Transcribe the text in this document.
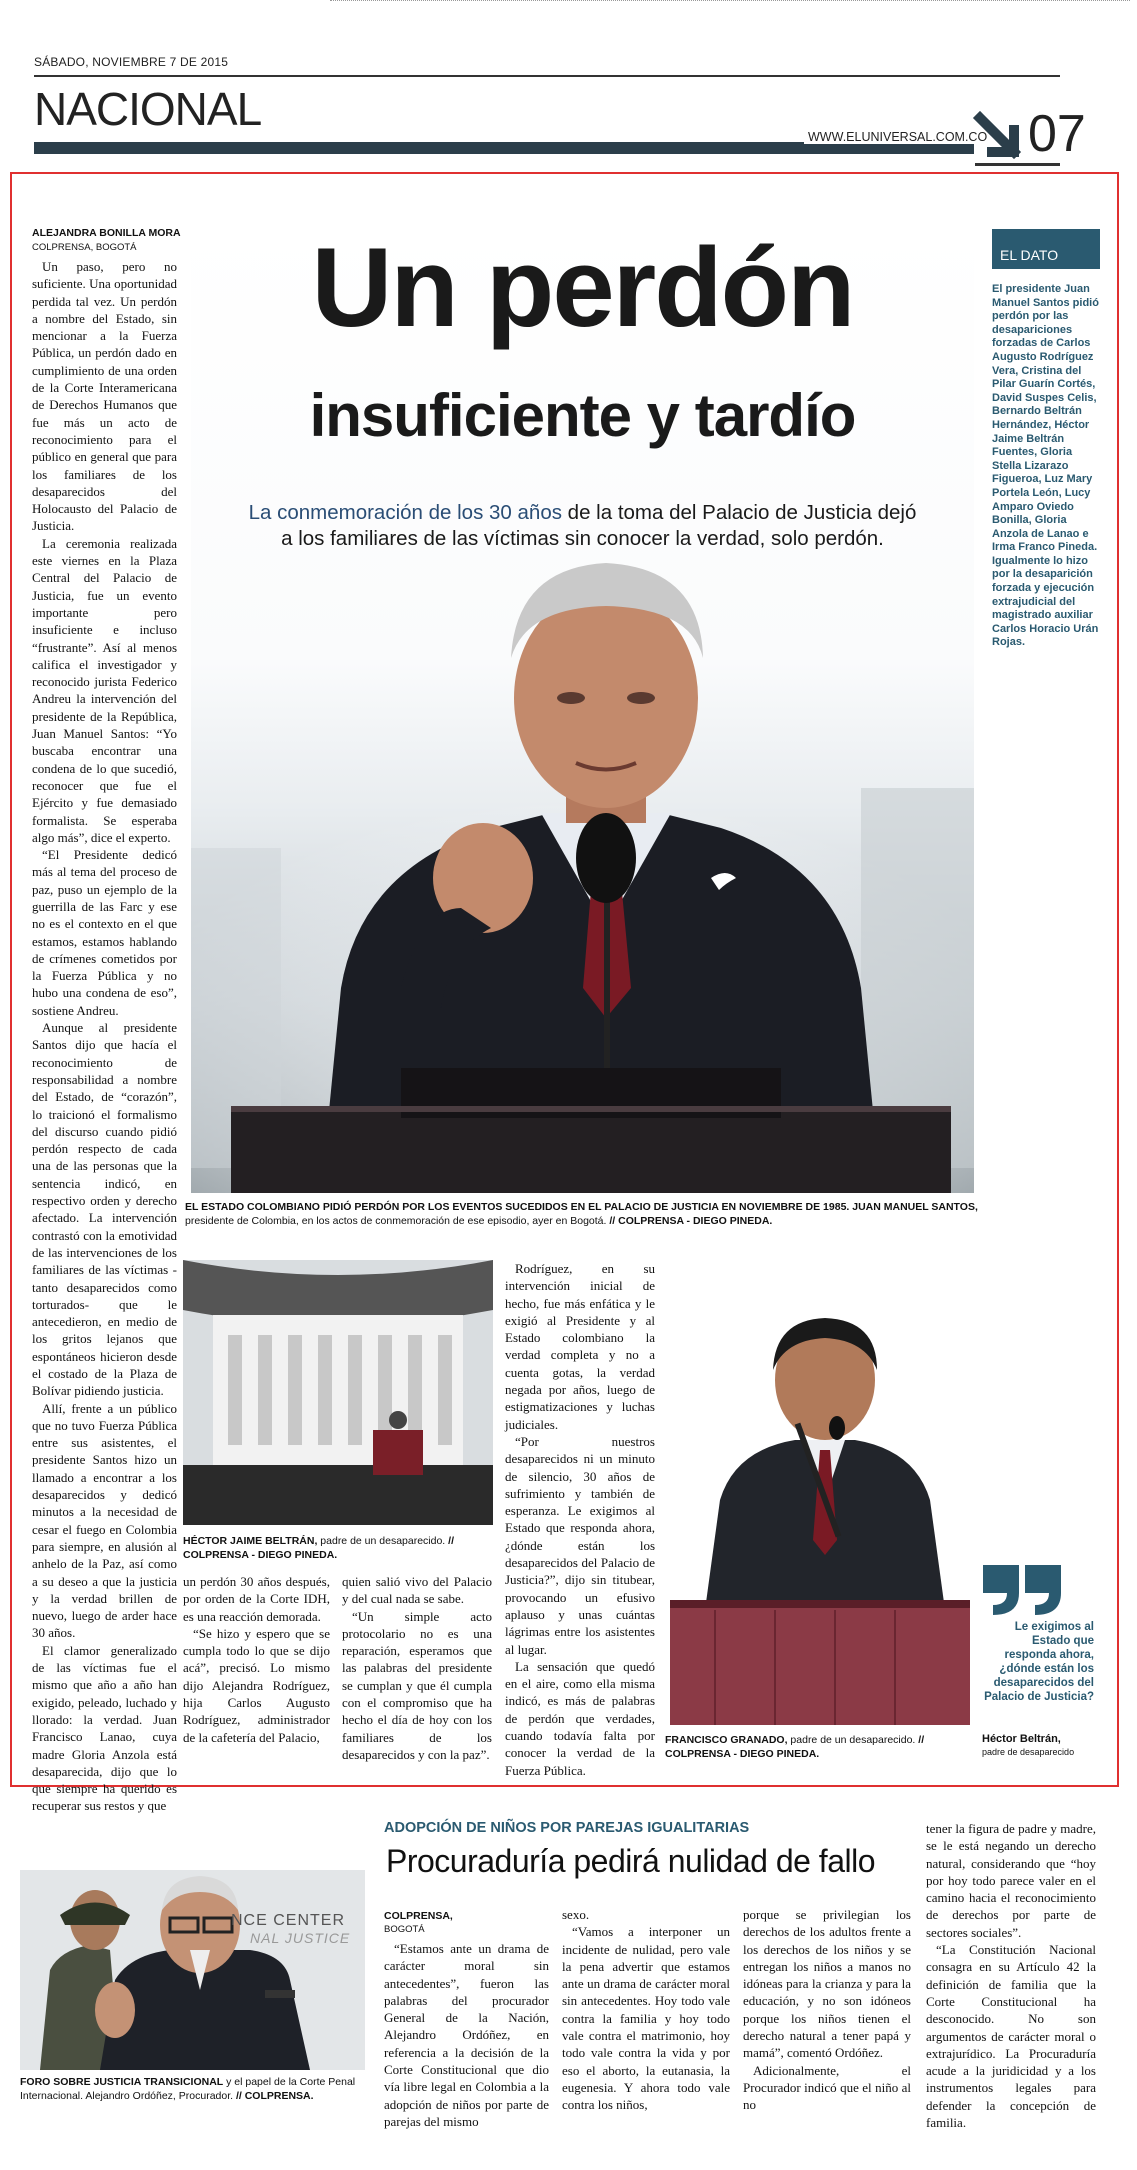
SÁBADO, NOVIEMBRE 7 DE 2015
NACIONAL
WWW.ELUNIVERSAL.COM.CO 07
Un perdón
insuficiente y tardío
La conmemoración de los 30 años de la toma del Palacio de Justicia dejó
a los familiares de las víctimas sin conocer la verdad, solo perdón.
EL ESTADO COLOMBIANO PIDIÓ PERDÓN POR LOS EVENTOS SUCEDIDOS EN EL PALACIO DE JUSTICIA EN NOVIEMBRE DE 1985. JUAN MANUEL SANTOS,
presidente de Colombia, en los actos de conmemoración de ese episodio, ayer en Bogotá. // COLPRENSA - DIEGO PINEDA.
ALEJANDRA BONILLA MORA
COLPRENSA, BOGOTÁ

Un paso, pero no suficiente. Una oportunidad perdida tal vez. Un perdón a nombre del Estado, sin mencionar a la Fuerza Pública, un perdón dado en cumplimiento de una orden de la Corte Interamericana de Derechos Humanos que fue más un acto de reconocimiento para el público en general que para los familiares de los desaparecidos del Holocausto del Palacio de Justicia.

La ceremonia realizada este viernes en la Plaza Central del Palacio de Justicia, fue un evento importante pero insuficiente e incluso “frustrante”. Así al menos califica el investigador y reconocido jurista Federico Andreu la intervención del presidente de la República, Juan Manuel Santos: “Yo buscaba encontrar una condena de lo que sucedió, reconocer que fue el Ejército y fue demasiado formalista. Se esperaba algo más”, dice el experto.

“El Presidente dedicó más al tema del proceso de paz, puso un ejemplo de la guerrilla de las Farc y ese no es el contexto en el que estamos, estamos hablando de crímenes cometidos por la Fuerza Pública y no hubo una condena de eso”, sostiene Andreu.

Aunque al presidente Santos dijo que hacía el reconocimiento de responsabilidad a nombre del Estado, de “corazón”, lo traicionó el formalismo del discurso cuando pidió perdón respecto de cada una de las personas que la sentencia indicó, en respectivo orden y derecho afectado. La intervención contrastó con la emotividad de las intervenciones de los familiares de las víctimas -tanto desaparecidos como torturados- que le antecedieron, en medio de los gritos lejanos que espontáneos hicieron desde el costado de la Plaza de Bolívar pidiendo justicia.

Allí, frente a un público que no tuvo Fuerza Pública entre sus asistentes, el presidente Santos hizo un llamado a encontrar a los desaparecidos y dedicó minutos a la necesidad de cesar el fuego en Colombia para siempre, en alusión al anhelo de la Paz, así como a su deseo a que la justicia y la verdad brillen de nuevo, luego de arder hace 30 años.

El clamor generalizado de las víctimas fue el mismo que año a año han exigido, peleado, luchado y llorado: la verdad. Juan Francisco Lanao, cuya madre Gloria Anzola está desaparecida, dijo que lo que siempre ha querido es recuperar sus restos y que

EL DATO
El presidente Juan Manuel Santos pidió perdón por las desapariciones forzadas de Carlos Augusto Rodríguez Vera, Cristina del Pilar Guarín Cortés, David Suspes Celis, Bernardo Beltrán Hernández, Héctor Jaime Beltrán Fuentes, Gloria Stella Lizarazo Figueroa, Luz Mary Portela León, Lucy Amparo Oviedo Bonilla, Gloria Anzola de Lanao e Irma Franco Pineda. Igualmente lo hizo por la desaparición forzada y ejecución extrajudicial del magistrado auxiliar Carlos Horacio Urán Rojas.
HÉCTOR JAIME BELTRÁN, padre de un desaparecido. // COLPRENSA - DIEGO PINEDA.

un perdón 30 años después, por orden de la Corte IDH, es una reacción demorada.

“Se hizo y espero que se cumpla todo lo que se dijo acá”, precisó. Lo mismo dijo Alejandra Rodríguez, hija Carlos Augusto Rodríguez, administrador de la cafetería del Palacio,

quien salió vivo del Palacio y del cual nada se sabe.

“Un simple acto protocolario no es una reparación, esperamos que las palabras del presidente se cumplan y que él cumpla con el compromiso que ha hecho el día de hoy con los familiares de los desaparecidos y con la paz”.

Rodríguez, en su intervención inicial de hecho, fue más enfática y le exigió al Presidente y al Estado colombiano la verdad completa y no a cuenta gotas, la verdad negada por años, luego de estigmatizaciones y luchas judiciales.

“Por nuestros desaparecidos ni un minuto de silencio, 30 años de sufrimiento y también de esperanza. Le exigimos al Estado que responda ahora, ¿dónde están los desaparecidos del Palacio de Justicia?”, dijo sin titubear, provocando un efusivo aplauso y unas cuántas lágrimas entre los asistentes al lugar.

La sensación que quedó en el aire, como ella misma indicó, es más de palabras de perdón que verdades, cuando todavía falta por conocer la verdad de la Fuerza Pública.

FRANCISCO GRANADO, padre de un desaparecido. // COLPRENSA - DIEGO PINEDA.
Le exigimos al Estado que responda ahora, ¿dónde están los desaparecidos del Palacio de Justicia?
Héctor Beltrán,
padre de desaparecido
NCE CENTER
NAL JUSTICE
FORO SOBRE JUSTICIA TRANSICIONAL y el papel de la Corte Penal Internacional. Alejandro Ordóñez, Procurador. // COLPRENSA.
ADOPCIÓN DE NIÑOS POR PAREJAS IGUALITARIAS
Procuraduría pedirá nulidad de fallo
COLPRENSA,
BOGOTÁ

“Estamos ante un drama de carácter moral sin antecedentes”, fueron las palabras del procurador General de la Nación, Alejandro Ordóñez, en referencia a la decisión de la Corte Constitucional que dio vía libre legal en Colombia a la adopción de niños por parte de parejas del mismo

sexo.

“Vamos a interponer un incidente de nulidad, pero vale la pena advertir que estamos ante un drama de carácter moral sin antecedentes. Hoy todo vale contra la familia y hoy todo vale contra el matrimonio, hoy todo vale contra la vida y por eso el aborto, la eutanasia, la eugenesia. Y ahora todo vale contra los niños,

porque se privilegian los derechos de los adultos frente a los derechos de los niños y se entregan los niños a manos no idóneas para la crianza y para la educación, y no son idóneos porque los niños tienen el derecho natural a tener papá y mamá”, comentó Ordóñez.

Adicionalmente, el Procurador indicó que el niño al no

tener la figura de padre y madre, se le está negando un derecho natural, considerando que “hoy por hoy todo parece valer en el camino hacia el reconocimiento de derechos por parte de sectores sociales”.

“La Constitución Nacional consagra en su Artículo 42 la definición de familia que la Corte Constitucional ha desconocido. No son argumentos de carácter moral o extrajurídico. La Procuraduría acude a la juridicidad y a los instrumentos legales para defender la concepción de familia.
